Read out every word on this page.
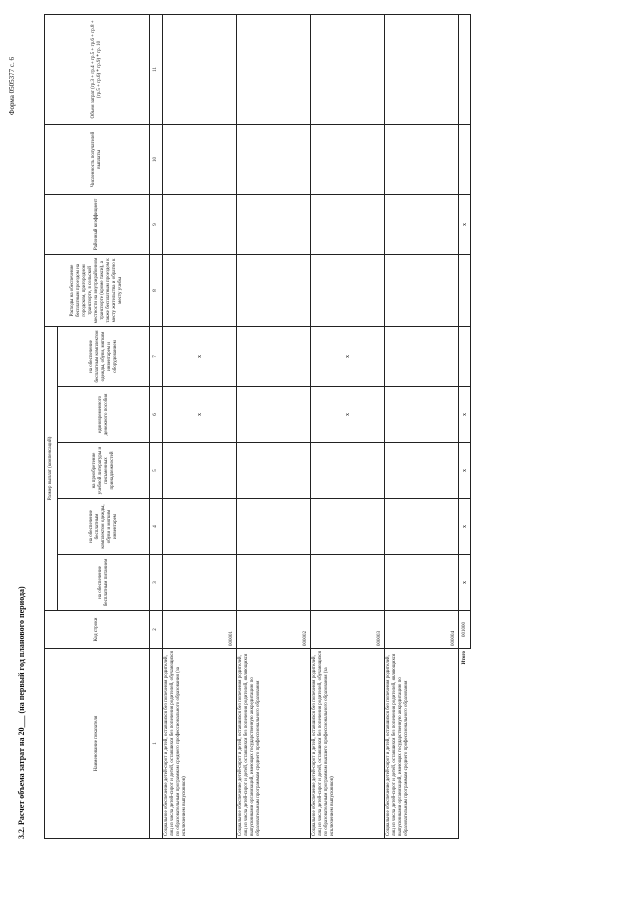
Форма 0505377 с. 6
3.2. Расчет объема затрат на 20___ (на первый год планового периода)	Наименование показателя	Код строки	Размер выплат (компенсаций)					Расходы на обеспечение бесплатным проездом на городском, пригородном транспорте, в сельской местности на внутрирайонном транспорте (кроме такси), а также бесплатным проездом к месту жительства и обратно к месту учебы	Районный коэффициент	Численность получателей выплаты	Объем затрат (гр.3 + гр.4 + гр.5 + гр.6 + гр.8 + (гр.5 + гр.6) * гр.9) * гр. 10
		на обеспечение бесплатным питанием	на обеспечение бесплатным комплектом одежды, обуви и мягким инвентарем	на приобретение учебной литературы и письменных принадлежностей	единовременного денежного пособия	на обеспечение бесплатным комплектом одежды, обуви, мягким инвентарем и оборудованием				
1	2	3	4	5	6	7	8	9	10	11
Социальное обеспечение детей-сирот и детей, оставшихся без попечения родителей, лиц из числа детей-сирот и детей, оставшихся без попечения родителей, обучающихся по образовательным программам среднего профессионального образования (за исключением выпускников)	000001				x	x				
Социальное обеспечение детей-сирот и детей, оставшихся без попечения родителей, лиц из числа детей-сирот и детей, оставшихся без попечения родителей, являющихся выпускниками организаций, имеющих государственную аккредитацию по образовательным программам среднего профессионального образования	000002									
Социальное обеспечение детей-сирот и детей, оставшихся без попечения родителей, лиц из числа детей-сирот и детей, оставшихся без попечения родителей, обучающихся по образовательным программам высшего профессионального образования (за исключением выпускников)	000003				x	x				
Социальное обеспечение детей-сирот и детей, оставшихся без попечения родителей, лиц из числа детей-сирот и детей, оставшихся без попечения родителей, являющихся выпускниками организаций, имеющих государственную аккредитацию по образовательным программам среднего профессионального образования	000004									
Итого	001000	x	x	x	x			x		
